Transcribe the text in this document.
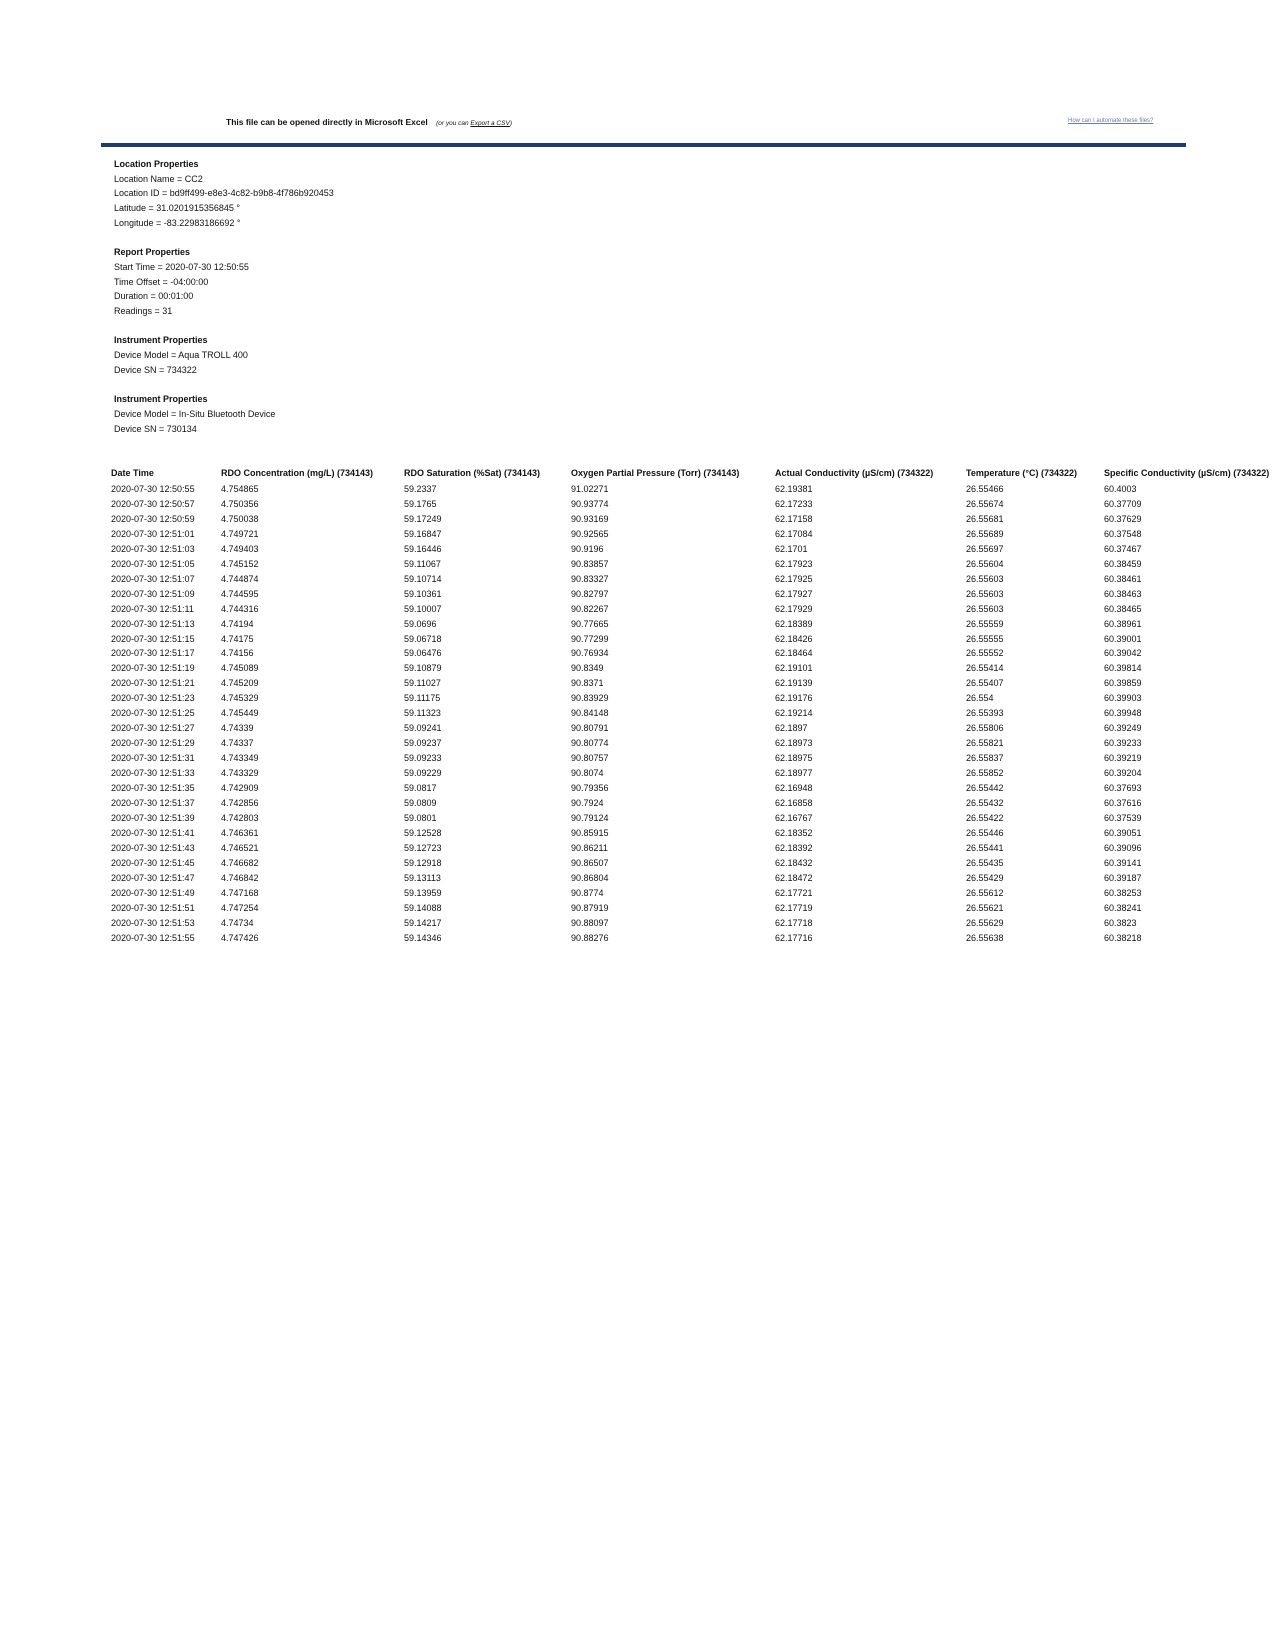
This file can be opened directly in Microsoft Excel (or you can Export a CSV)	How can I automate these files?
Location Properties
Location Name = CC2
Location ID = bd9ff499-e8e3-4c82-b9b8-4f786b920453
Latitude = 31.0201915356845 °
Longitude = -83.22983186692 °
Report Properties
Start Time = 2020-07-30 12:50:55
Time Offset = -04:00:00
Duration = 00:01:00
Readings = 31
Instrument Properties
Device Model = Aqua TROLL 400
Device SN = 734322
Instrument Properties
Device Model = In-Situ Bluetooth Device
Device SN = 730134
Date Time	RDO Concentration (mg/L) (734143)	RDO Saturation (%Sat) (734143)	Oxygen Partial Pressure (Torr) (734143)	Actual Conductivity (µS/cm) (734322)	Temperature (°C) (734322)	Specific Conductivity (µS/cm) (734322)
2020-07-30 12:50:55	4.754865	59.2337	91.02271	62.19381	26.55466	60.4003
2020-07-30 12:50:57	4.750356	59.1765	90.93774	62.17233	26.55674	60.37709
2020-07-30 12:50:59	4.750038	59.17249	90.93169	62.17158	26.55681	60.37629
2020-07-30 12:51:01	4.749721	59.16847	90.92565	62.17084	26.55689	60.37548
2020-07-30 12:51:03	4.749403	59.16446	90.9196	62.1701	26.55697	60.37467
2020-07-30 12:51:05	4.745152	59.11067	90.83857	62.17923	26.55604	60.38459
2020-07-30 12:51:07	4.744874	59.10714	90.83327	62.17925	26.55603	60.38461
2020-07-30 12:51:09	4.744595	59.10361	90.82797	62.17927	26.55603	60.38463
2020-07-30 12:51:11	4.744316	59.10007	90.82267	62.17929	26.55603	60.38465
2020-07-30 12:51:13	4.74194	59.0696	90.77665	62.18389	26.55559	60.38961
2020-07-30 12:51:15	4.74175	59.06718	90.77299	62.18426	26.55555	60.39001
2020-07-30 12:51:17	4.74156	59.06476	90.76934	62.18464	26.55552	60.39042
2020-07-30 12:51:19	4.745089	59.10879	90.8349	62.19101	26.55414	60.39814
2020-07-30 12:51:21	4.745209	59.11027	90.8371	62.19139	26.55407	60.39859
2020-07-30 12:51:23	4.745329	59.11175	90.83929	62.19176	26.554	60.39903
2020-07-30 12:51:25	4.745449	59.11323	90.84148	62.19214	26.55393	60.39948
2020-07-30 12:51:27	4.74339	59.09241	90.80791	62.1897	26.55806	60.39249
2020-07-30 12:51:29	4.74337	59.09237	90.80774	62.18973	26.55821	60.39233
2020-07-30 12:51:31	4.743349	59.09233	90.80757	62.18975	26.55837	60.39219
2020-07-30 12:51:33	4.743329	59.09229	90.8074	62.18977	26.55852	60.39204
2020-07-30 12:51:35	4.742909	59.0817	90.79356	62.16948	26.55442	60.37693
2020-07-30 12:51:37	4.742856	59.0809	90.7924	62.16858	26.55432	60.37616
2020-07-30 12:51:39	4.742803	59.0801	90.79124	62.16767	26.55422	60.37539
2020-07-30 12:51:41	4.746361	59.12528	90.85915	62.18352	26.55446	60.39051
2020-07-30 12:51:43	4.746521	59.12723	90.86211	62.18392	26.55441	60.39096
2020-07-30 12:51:45	4.746682	59.12918	90.86507	62.18432	26.55435	60.39141
2020-07-30 12:51:47	4.746842	59.13113	90.86804	62.18472	26.55429	60.39187
2020-07-30 12:51:49	4.747168	59.13959	90.8774	62.17721	26.55612	60.38253
2020-07-30 12:51:51	4.747254	59.14088	90.87919	62.17719	26.55621	60.38241
2020-07-30 12:51:53	4.74734	59.14217	90.88097	62.17718	26.55629	60.3823
2020-07-30 12:51:55	4.747426	59.14346	90.88276	62.17716	26.55638	60.38218
